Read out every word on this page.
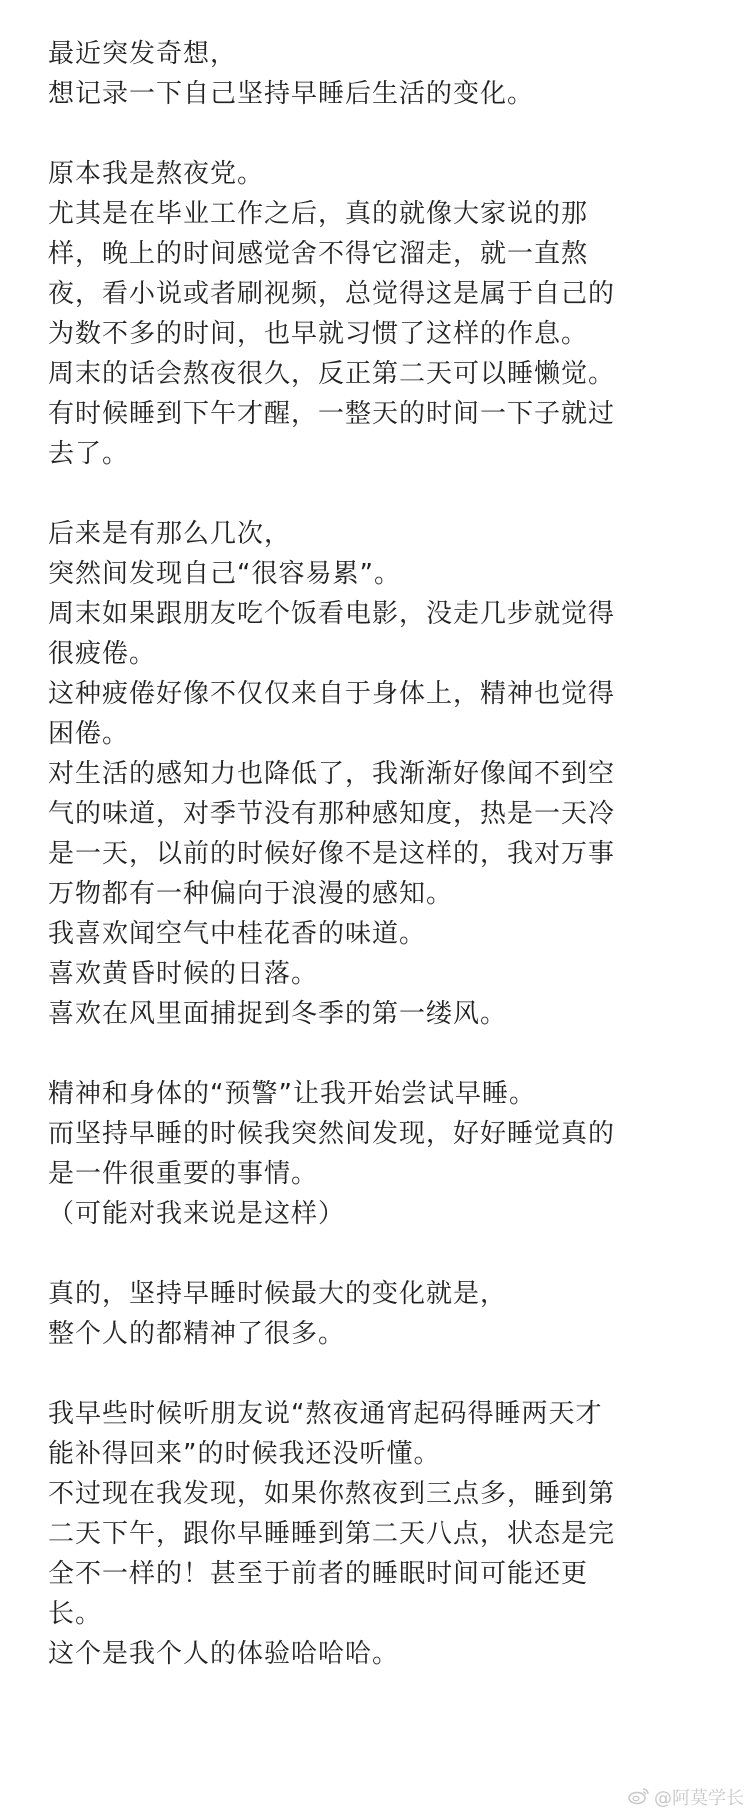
最近突发奇想，
想记录一下自己坚持早睡后生活的变化。
原本我是熬夜党。
尤其是在毕业工作之后，真的就像大家说的那
样，晚上的时间感觉舍不得它溜走，就一直熬
夜，看小说或者刷视频，总觉得这是属于自己的
为数不多的时间，也早就习惯了这样的作息。
周末的话会熬夜很久，反正第二天可以睡懒觉。
有时候睡到下午才醒，一整天的时间一下子就过
去了。
后来是有那么几次，
突然间发现自己“很容易累”。
周末如果跟朋友吃个饭看电影，没走几步就觉得
很疲倦。
这种疲倦好像不仅仅来自于身体上，精神也觉得
困倦。
对生活的感知力也降低了，我渐渐好像闻不到空
气的味道，对季节没有那种感知度，热是一天冷
是一天，以前的时候好像不是这样的，我对万事
万物都有一种偏向于浪漫的感知。
我喜欢闻空气中桂花香的味道。
喜欢黄昏时候的日落。
喜欢在风里面捕捉到冬季的第一缕风。
精神和身体的“预警”让我开始尝试早睡。
而坚持早睡的时候我突然间发现，好好睡觉真的
是一件很重要的事情。
（可能对我来说是这样）
真的，坚持早睡时候最大的变化就是，
整个人的都精神了很多。
我早些时候听朋友说“熬夜通宵起码得睡两天才
能补得回来”的时候我还没听懂。
不过现在我发现，如果你熬夜到三点多，睡到第
二天下午，跟你早睡睡到第二天八点，状态是完
全不一样的！甚至于前者的睡眠时间可能还更
长。
这个是我个人的体验哈哈哈。
@阿莫学长
